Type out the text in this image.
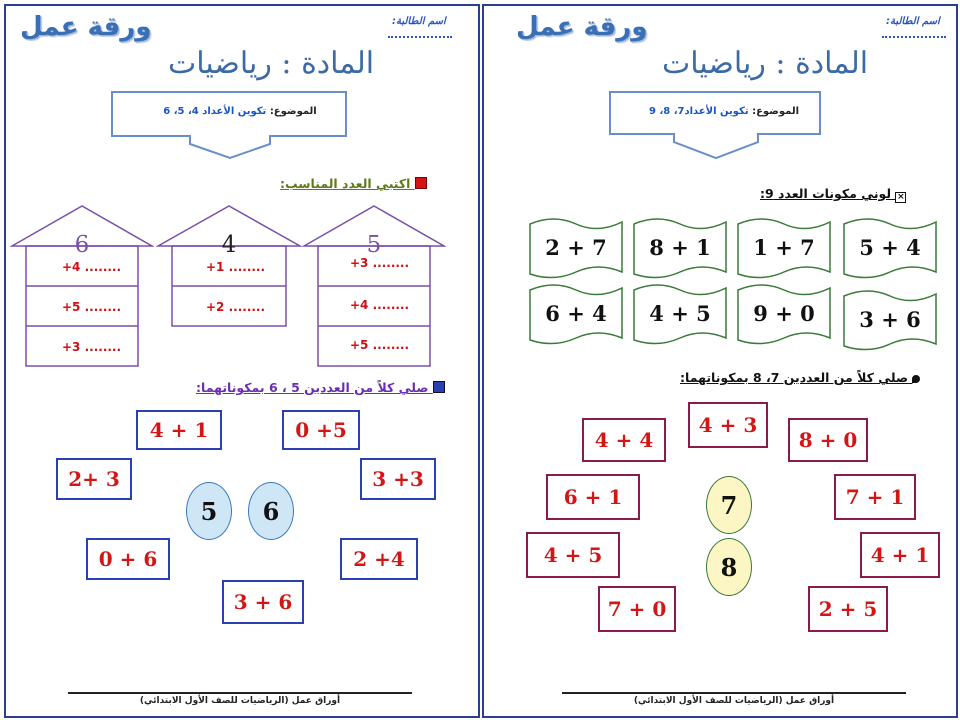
ورقة عمل	اسم الطالبة:
المادة : رياضيات
الموضوع: تكوين الأعداد 4، 5، 6
اكتبي العدد المناسب:
6
+4 ........
+5 ........
+3 ........
4
+1 ........
+2 ........
5
+3 ........
+4 ........
+5 ........
صلي كلاً من العددين 5 ، 6 بمكوناتهما:
4 + 1	0 +5
2+ 3	3 +3
0 + 6	2 +4
3 + 6
5	6
أوراق عمل (الرياضيات للصف الأول الابتدائي)
ورقة عمل	اسم الطالبة:
المادة : رياضيات
الموضوع: تكوين الأعداد7، 8، 9
× لوني مكونات العدد 9:
2 + 7	8 + 1	1 + 7	5 + 4
6 + 4	4 + 5	9 + 0	3 + 6
صلي كلاً من العددين 7، 8 بمكوناتهما:
4 + 3
4 + 4	8 + 0
6 + 1	7 + 1
4 + 5	4 + 1
7 + 0	2 + 5
7
8
أوراق عمل (الرياضيات للصف الأول الابتدائي)
